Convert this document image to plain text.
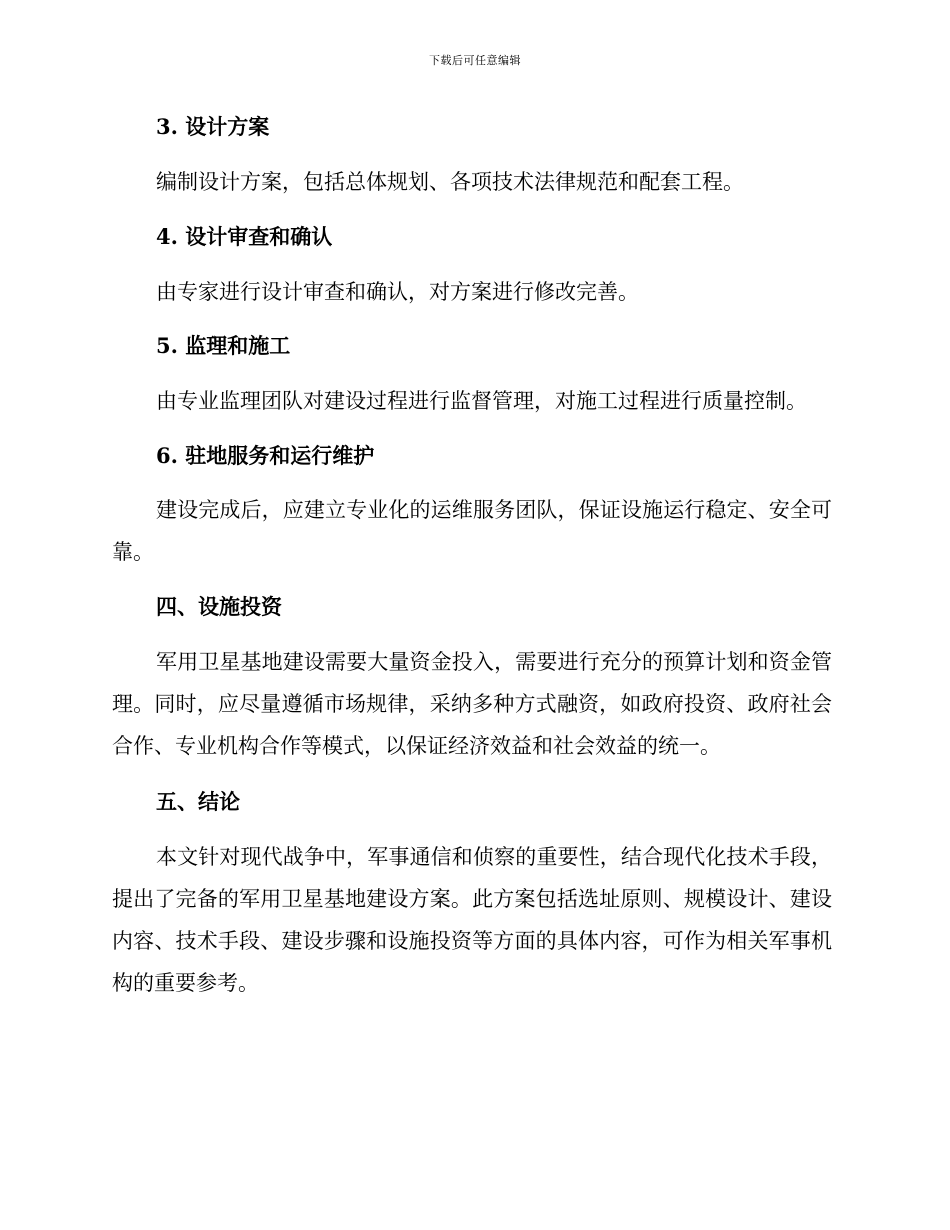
下载后可任意编辑
3. 设计方案
编制设计方案，包括总体规划、各项技术法律规范和配套工程。
4. 设计审查和确认
由专家进行设计审查和确认，对方案进行修改完善。
5. 监理和施工
由专业监理团队对建设过程进行监督管理，对施工过程进行质量控制。
6. 驻地服务和运行维护
建设完成后，应建立专业化的运维服务团队，保证设施运行稳定、安全可靠。
四、设施投资
军用卫星基地建设需要大量资金投入，需要进行充分的预算计划和资金管理。同时，应尽量遵循市场规律，采纳多种方式融资，如政府投资、政府社会合作、专业机构合作等模式，以保证经济效益和社会效益的统一。
五、结论
本文针对现代战争中，军事通信和侦察的重要性，结合现代化技术手段，提出了完备的军用卫星基地建设方案。此方案包括选址原则、规模设计、建设内容、技术手段、建设步骤和设施投资等方面的具体内容，可作为相关军事机构的重要参考。
